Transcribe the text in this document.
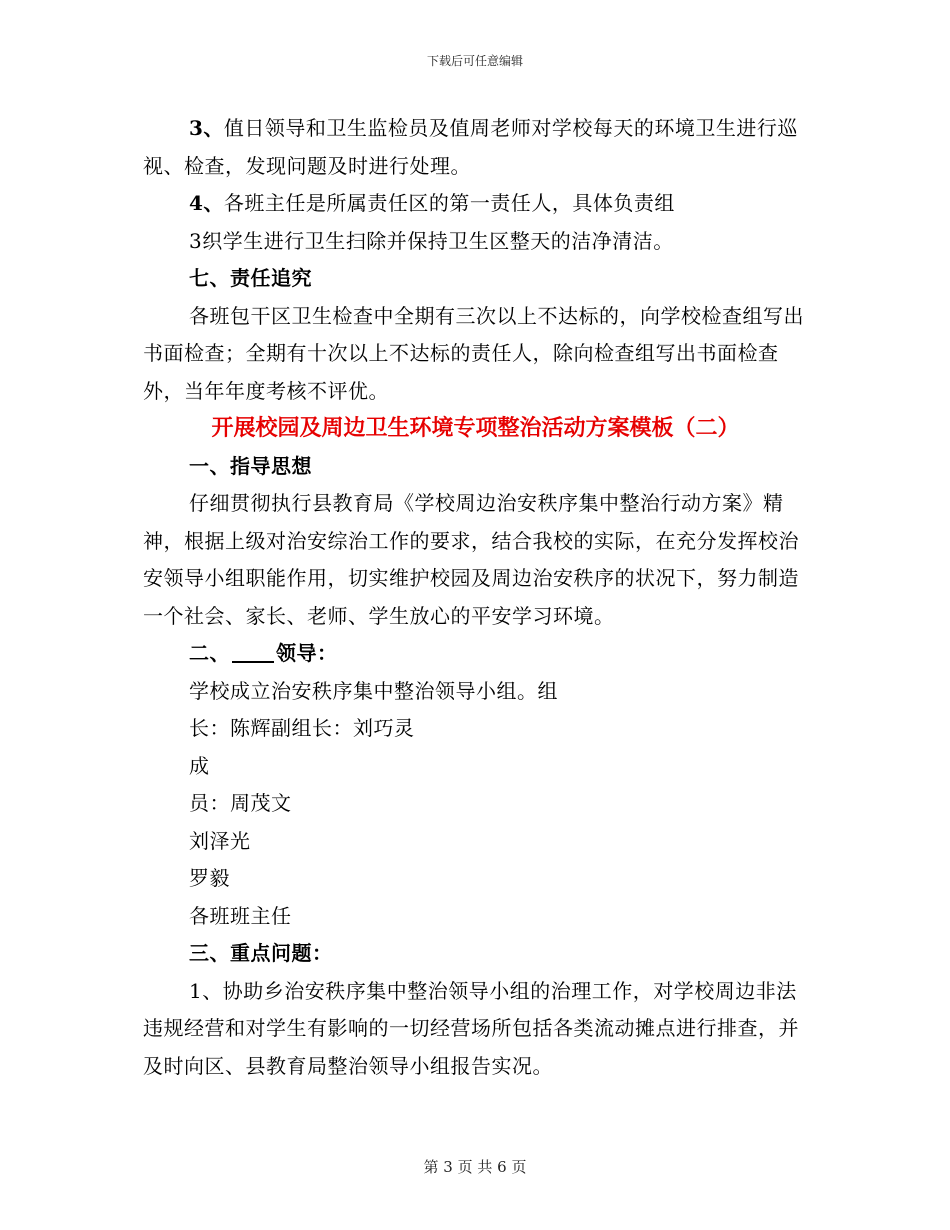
下载后可任意编辑

3、值日领导和卫生监检员及值周老师对学校每天的环境卫生进行巡视、检查，发现问题及时进行处理。

4、各班主任是所属责任区的第一责任人，具体负责组

3织学生进行卫生扫除并保持卫生区整天的洁净清洁。

七、责任追究

各班包干区卫生检查中全期有三次以上不达标的，向学校检查组写出书面检查；全期有十次以上不达标的责任人，除向检查组写出书面检查外，当年年度考核不评优。

开展校园及周边卫生环境专项整治活动方案模板（二）

一、指导思想

仔细贯彻执行县教育局《学校周边治安秩序集中整治行动方案》精神，根据上级对治安综治工作的要求，结合我校的实际，在充分发挥校治安领导小组职能作用，切实维护校园及周边治安秩序的状况下，努力制造一个社会、家长、老师、学生放心的平安学习环境。

二、 领导：

学校成立治安秩序集中整治领导小组。组

长：陈辉副组长：刘巧灵

成

员：周茂文

刘泽光

罗毅

各班班主任

三、重点问题：

1、协助乡治安秩序集中整治领导小组的治理工作，对学校周边非法违规经营和对学生有影响的一切经营场所包括各类流动摊点进行排查，并及时向区、县教育局整治领导小组报告实况。

第 3 页 共 6 页
